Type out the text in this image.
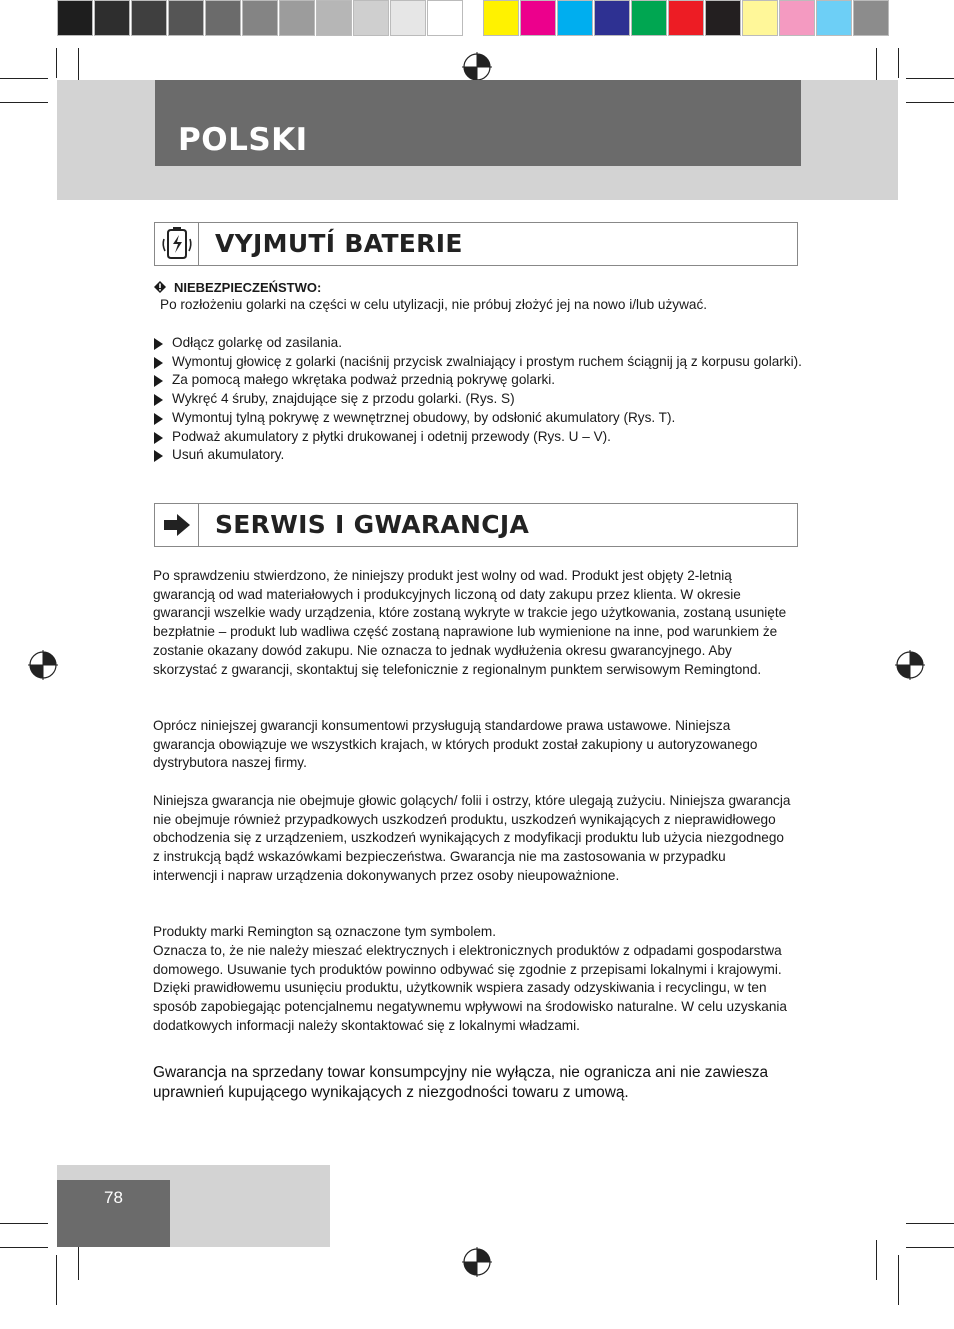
POLSKI
VYJMUTÍ BATERIE
NIEBEZPIECZEŃSTWO:
Po rozłożeniu golarki na części w celu utylizacji, nie próbuj złożyć jej na nowo i/lub używać.
Odłącz golarkę od zasilania.
Wymontuj głowicę z golarki (naciśnij przycisk zwalniający i prostym ruchem ściągnij ją z korpusu golarki).
Za pomocą małego wkrętaka podważ przednią pokrywę golarki.
Wykręć 4 śruby, znajdujące się z przodu golarki. (Rys. S)
Wymontuj tylną pokrywę z wewnętrznej obudowy, by odsłonić akumulatory (Rys. T).
Podważ akumulatory z płytki drukowanej i odetnij przewody (Rys. U – V).
Usuń akumulatory.
SERWIS I GWARANCJA

Po sprawdzeniu stwierdzono, że niniejszy produkt jest wolny od wad. Produkt jest objęty 2-letnią gwarancją od wad materiałowych i produkcyjnych liczoną od daty zakupu przez klienta. W okresie gwarancji wszelkie wady urządzenia, które zostaną wykryte w trakcie jego użytkowania, zostaną usunięte bezpłatnie – produkt lub wadliwa część zostaną naprawione lub wymienione na inne, pod warunkiem że zostanie okazany dowód zakupu. Nie oznacza to jednak wydłużenia okresu gwarancyjnego. Aby skorzystać z gwarancji, skontaktuj się telefonicznie z regionalnym punktem serwisowym Remingtond.

Oprócz niniejszej gwarancji konsumentowi przysługują standardowe prawa ustawowe. Niniejsza gwarancja obowiązuje we wszystkich krajach, w których produkt został zakupiony u autoryzowanego dystrybutora naszej firmy.

Niniejsza gwarancja nie obejmuje głowic golących/ folii i ostrzy, które ulegają zużyciu. Niniejsza gwarancja nie obejmuje również przypadkowych uszkodzeń produktu, uszkodzeń wynikających z nieprawidłowego obchodzenia się z urządzeniem, uszkodzeń wynikających z modyfikacji produktu lub użycia niezgodnego z instrukcją bądź wskazówkami bezpieczeństwa. Gwarancja nie ma zastosowania w przypadku interwencji i napraw urządzenia dokonywanych przez osoby nieupoważnione.

Produkty marki Remington są oznaczone tym symbolem.

Oznacza to, że nie należy mieszać elektrycznych i elektronicznych produktów z odpadami gospodarstwa domowego. Usuwanie tych produktów powinno odbywać się zgodnie z przepisami lokalnymi i krajowymi. Dzięki prawidłowemu usunięciu produktu, użytkownik wspiera zasady odzyskiwania i recyclingu, w ten sposób zapobiegając potencjalnemu negatywnemu wpływowi na środowisko naturalne. W celu uzyskania dodatkowych informacji należy skontaktować się z lokalnymi władzami.

Gwarancja na sprzedany towar konsumpcyjny nie wyłącza, nie ogranicza ani nie zawiesza uprawnień kupującego wynikających z niezgodności towaru z umową.
78
